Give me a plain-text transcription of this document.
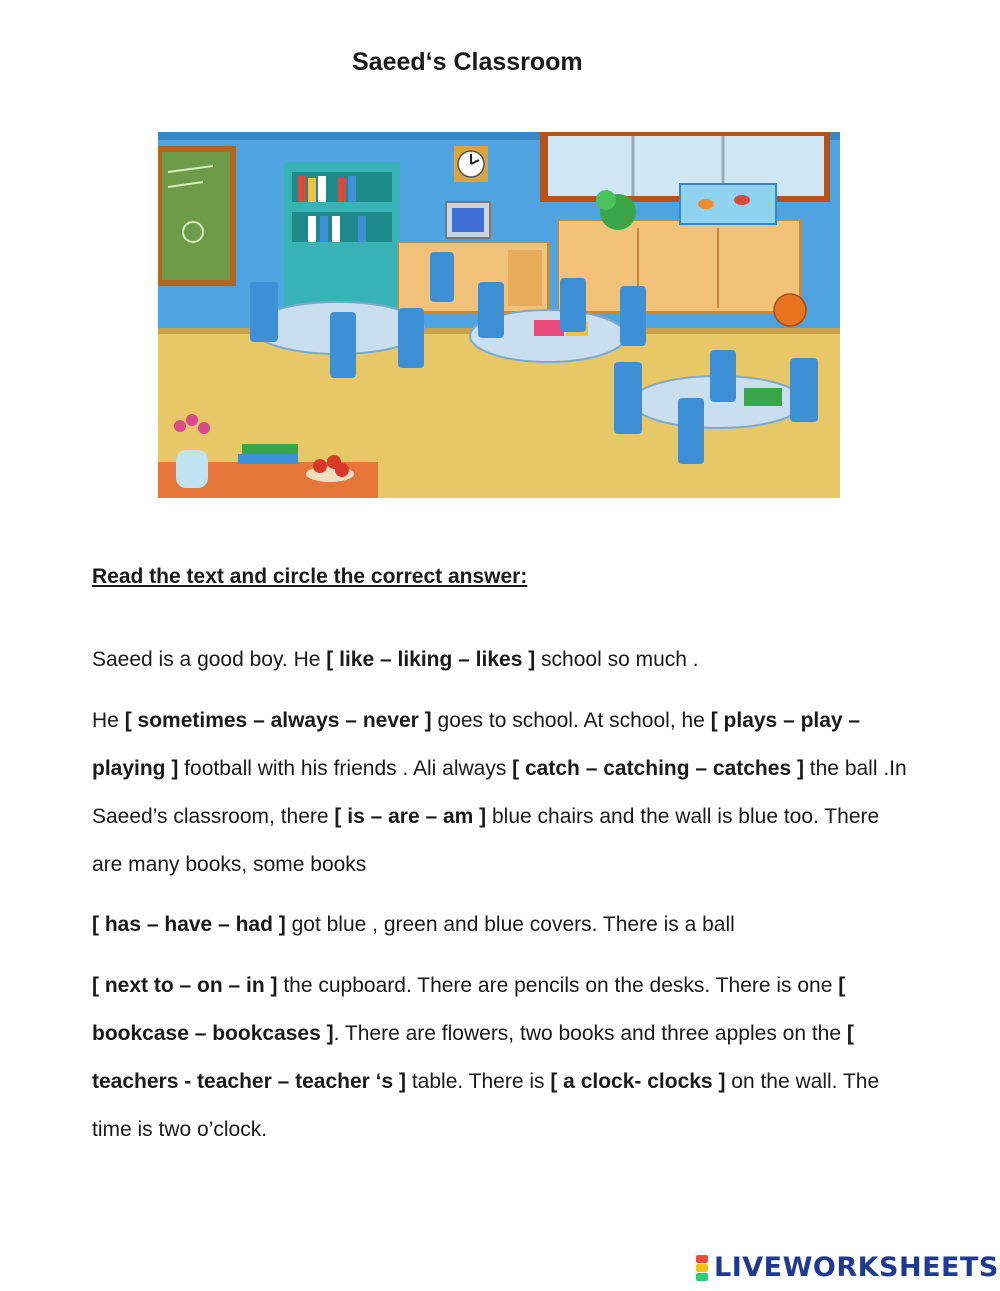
Saeed‘s Classroom
Read the text and circle the correct answer:

Saeed is a good boy. He [ like – liking – likes ] school so much .

He [ sometimes – always – never ] goes to school. At school, he [ plays – play – playing ] football with his friends . Ali always [ catch – catching – catches ] the ball .In Saeed’s classroom, there [ is – are – am ] blue chairs and the wall is blue too. There are many books, some books

[ has – have – had ] got blue , green and blue covers. There is a ball

[ next to – on – in ] the cupboard. There are pencils on the desks. There is one [ bookcase – bookcases ]. There are flowers, two books and three apples on the [ teachers - teacher – teacher ‘s ] table. There is [ a clock- clocks ] on the wall. The time is two o’clock.

LIVEWORKSHEETS
